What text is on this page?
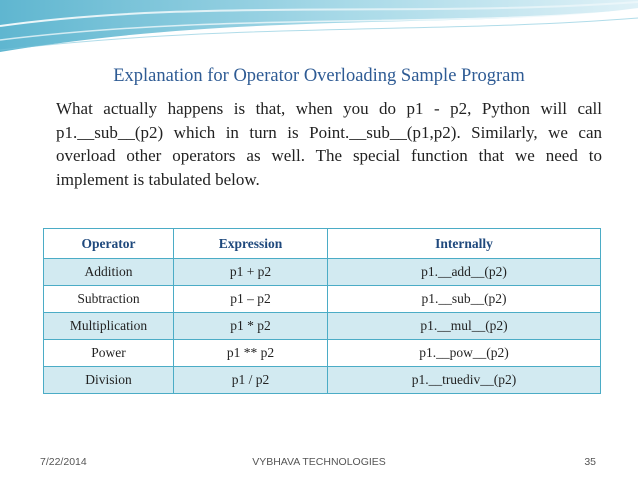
Explanation for Operator Overloading Sample Program
What actually happens is that, when you do p1 - p2, Python will call p1.__sub__(p2) which in turn is Point.__sub__(p1,p2). Similarly, we can overload other operators as well. The special function that we need to implement is tabulated below.
Operator	Expression	Internally
Addition	p1 + p2	p1.__add__(p2)
Subtraction	p1 – p2	p1.__sub__(p2)
Multiplication	p1 * p2	p1.__mul__(p2)
Power	p1 ** p2	p1.__pow__(p2)
Division	p1 / p2	p1.__truediv__(p2)
7/22/2014	VYBHAVA TECHNOLOGIES	35
